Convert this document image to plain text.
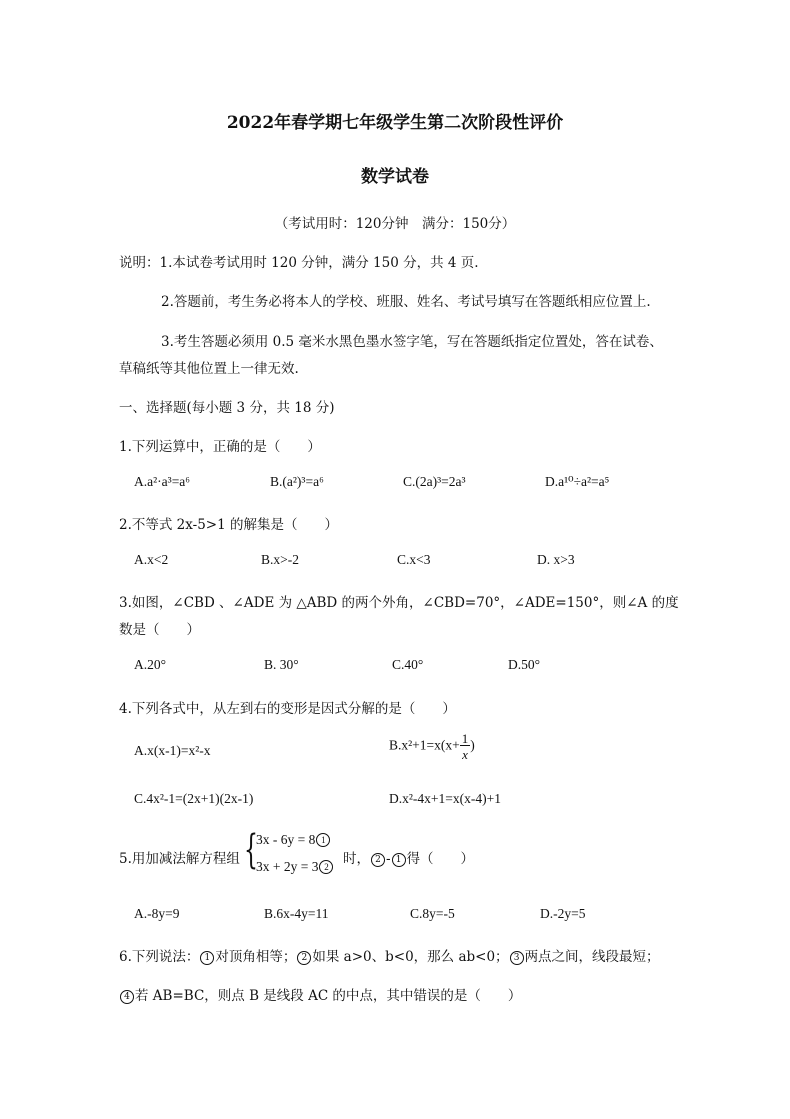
2022年春学期七年级学生第二次阶段性评价
数学试卷
（考试用时：120分钟　满分：150分）
说明：1.本试卷考试用时 120 分钟，满分 150 分，共 4 页.
2.答题前，考生务必将本人的学校、班服、姓名、考试号填写在答题纸相应位置上.
3.考生答题必须用 0.5 毫米水黑色墨水签字笔，写在答题纸指定位置处，答在试卷、
草稿纸等其他位置上一律无效.
一、选择题(每小题 3 分，共 18 分)
1.下列运算中，正确的是（　　）
A.a²·a³=a⁶	B.(a²)³=a⁶	C.(2a)³=2a³	D.a¹⁰÷a²=a⁵
2.不等式 2x-5>1 的解集是（　　）
A.x<2	B.x>-2	C.x<3	D. x>3
3.如图，∠CBD 、∠ADE 为 △ABD 的两个外角，∠CBD=70°，∠ADE=150°，则∠A 的度
数是（　　）
A.20°	B. 30°	C.40°	D.50°
4.下列各式中，从左到右的变形是因式分解的是（　　）
A.x(x-1)=x²-x	$B.x^2+1=x(x+ \frac{1}{x}$ )
C.4x²-1=(2x+1)(2x-1)	D.x²-4x+1=x(x-4)+1
5.用加减法解方程组 {
3x - 6y = 8 1
3x + 2y = 3 2	时， 2 - 1 得（　　）
A.-8y=9	B.6x-4y=11	C.8y=-5	D.-2y=5
6.下列说法： 1 对顶角相等； 2 如果 a>0、b<0，那么 ab<0； 3 两点之间，线段最短；
4 若 AB=BC，则点 B 是线段 AC 的中点，其中错误的是（　　）
